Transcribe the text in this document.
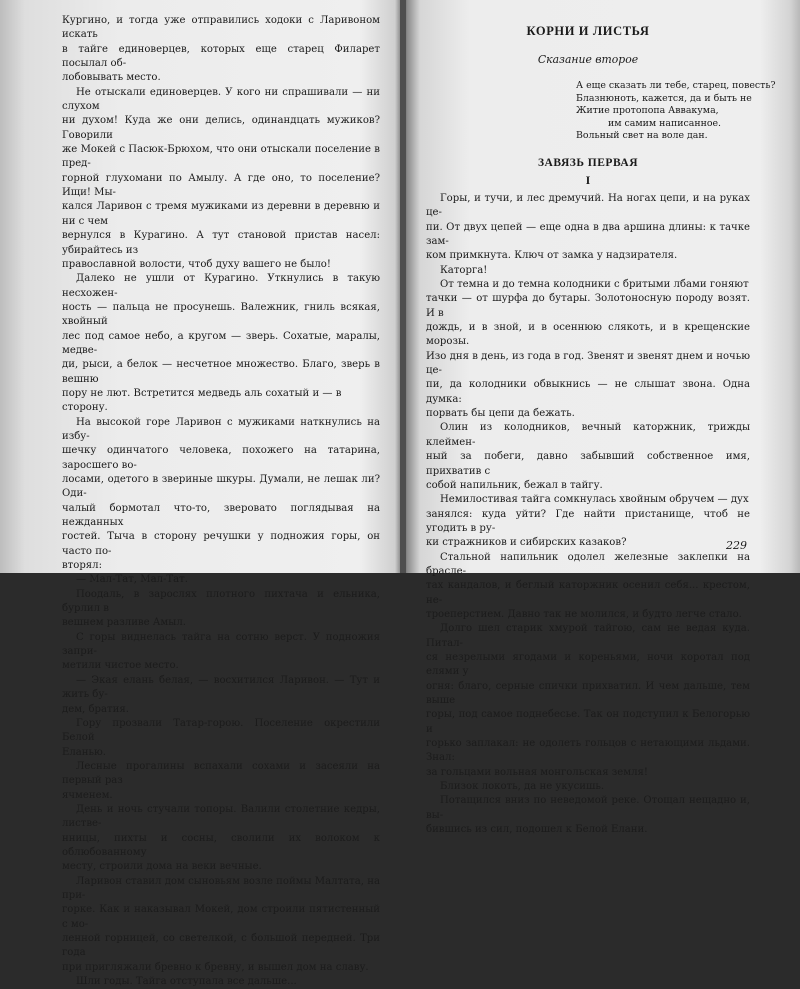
Кургино, и тогда уже отправились ходоки с Ларивоном искать

в тайге единоверцев, которых еще старец Филарет посылал об-

лобовывать место.

Не отыскали единоверцев. У кого ни спрашивали — ни слухом

ни духом! Куда же они делись, одинандцать мужиков? Говорили

же Мокей с Пасюк-Брюхом, что они отыскали поселение в пред-

горной глухомани по Амылу. А где оно, то поселение? Ищи! Мы-

кался Ларивон с тремя мужиками из деревни в деревню и ни с чем

вернулся в Курагино. А тут становой пристав насел: убирайтесь из

православной волости, чтоб духу вашего не было!

Далеко не ушли от Курагино. Уткнулись в такую несхожен-

ность — пальца не просунешь. Валежник, гниль всякая, хвойный

лес под самое небо, а кругом — зверь. Сохатые, маралы, медве-

ди, рыси, а белок — несчетное множество. Благо, зверь в вешню

пору не лют. Встретится медведь аль сохатый и — в сторону.

На высокой горе Ларивон с мужиками наткнулись на избу-

шечку одинчатого человека, похожего на татарина, заросшего во-

лосами, одетого в звериные шкуры. Думали, не лешак ли? Оди-

чалый бормотал что-то, зверовато поглядывая на нежданных

гостей. Тыча в сторону речушки у подножия горы, он часто по-

вторял:

— Мал-Тат, Мал-Тат.

Поодаль, в зарослях плотного пихтача и ельника, бурлил в

вешнем разливе Амыл.

С горы виднелась тайга на сотню верст. У подножия запри-

метили чистое место.

— Экая елань белая, — восхитился Ларивон. — Тут и жить бу-

дем, братия.

Гору прозвали Татар-горою. Поселение окрестили Белой

Еланью.

Лесные прогалины вспахали сохами и засеяли на первый раз

ячменем.

День и ночь стучали топоры. Валили столетние кедры, листве-

нницы, пихты и сосны, сволили их волоком к облюбованному

месту, строили дома на веки вечные.

Ларивон ставил дом сыновьям возле поймы Малтата, на при-

горке. Как и наказывал Мокей, дом строили пятистенный с мо-

ленной горницей, со светелкой, с большой передней. Три года

при пригляжали бревно к бревну, и вышел дом на славу.

Шли годы. Тайга отступала все дальше...

КОРНИ И ЛИСТЬЯ
Сказание второе
А еще сказать ли тебе, старец, повесть?
Блазнюноть, кажется, да и быть не
Житие протопопа Аввакума,
им самим написанное.
Вольный свет на воле дан.
ЗАВЯЗЬ ПЕРВАЯ
I

Горы, и тучи, и лес дремучий. На ногах цепи, и на руках це-

пи. От двух цепей — еще одна в два аршина длины: к тачке зам-

ком примкнута. Ключ от замка у надзирателя.

Каторга!

От темна и до темна колодники с бритыми лбами гоняют

тачки — от шурфа до бутары. Золотоносную породу возят. И в

дождь, и в зной, и в осеннюю слякоть, и в крещенские морозы.

Изо дня в день, из года в год. Звенят и звенят днем и ночью це-

пи, да колодники обвыкнись — не слышат звона. Одна думка:

порвать бы цепи да бежать.

Олин из колодников, вечный каторжник, трижды клеймен-

ный за побеги, давно забывший собственное имя, прихватив с

собой напильник, бежал в тайгу.

Немилостивая тайга сомкнулась хвойным обручем — дух

занялся: куда уйти? Где найти пристанище, чтоб не угодить в ру-

ки стражников и сибирских казаков?

Стальной напильник одолел железные заклепки на брасле-

тах кандалов, и беглый каторжник осенил себя... крестом, не-

троеперстием. Давно так не молился, и будто легче стало.

Долго шел старик хмурой тайгою, сам не ведая куда. Питал-

ся незрелыми ягодами и кореньями, ночи коротал под елями у

огня: благо, серные спички прихватил. И чем дальше, тем выше

горы, под самое поднебесье. Так он подступил к Белогорью и

горько заплакал: не одолеть гольцов с нетающими льдами. Знал:

за гольцами вольная монгольская земля!

Близок локоть, да не укусишь.

Потащился вниз по неведомой реке. Отощал нещадно и, вы-

бившись из сил, подошел к Белой Елани.

229
